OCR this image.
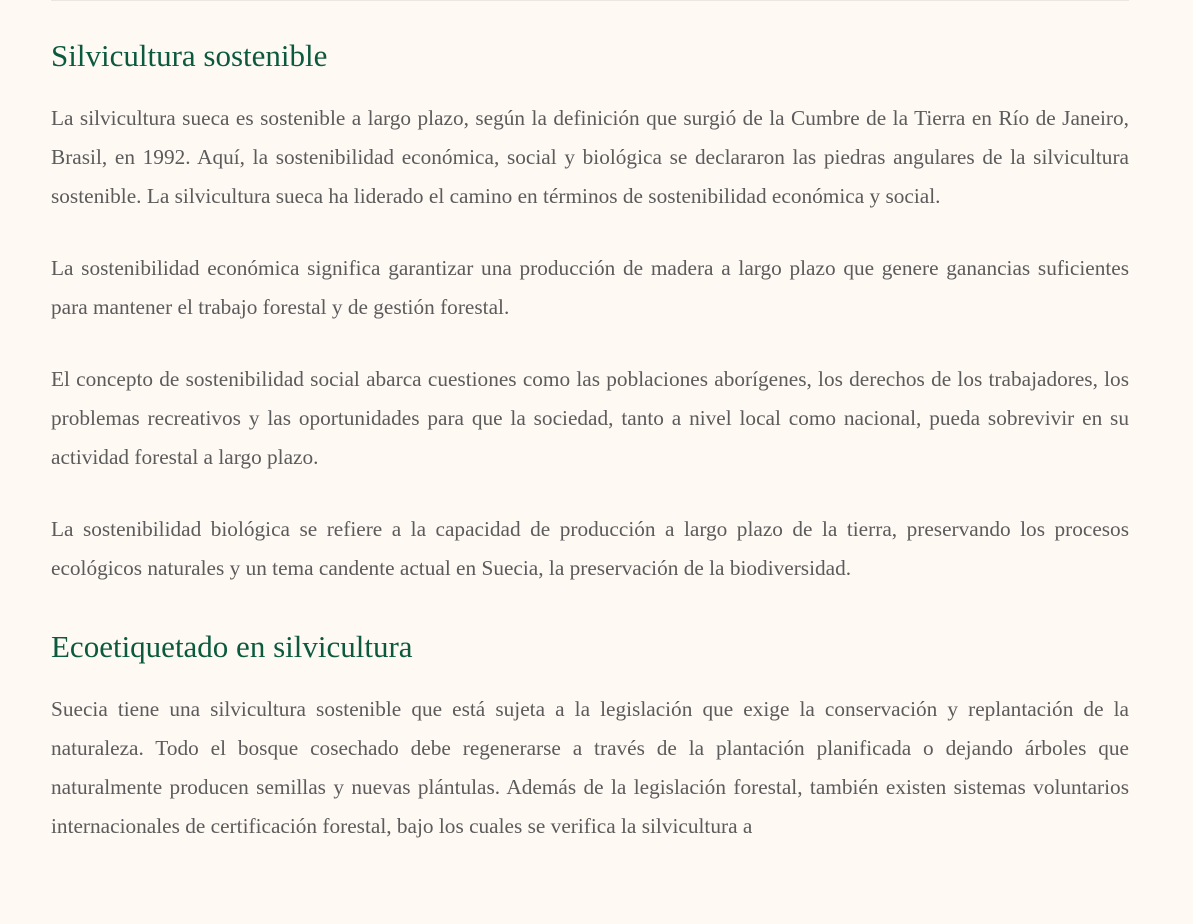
Silvicultura sostenible

La silvicultura sueca es sostenible a largo plazo, según la definición que surgió de la Cumbre de la Tierra en Río de Janeiro, Brasil, en 1992. Aquí, la sostenibilidad económica, social y biológica se declararon las piedras angulares de la silvicultura sostenible. La silvicultura sueca ha liderado el camino en términos de sostenibilidad económica y social.

La sostenibilidad económica significa garantizar una producción de madera a largo plazo que genere ganancias suficientes para mantener el trabajo forestal y de gestión forestal.

El concepto de sostenibilidad social abarca cuestiones como las poblaciones aborígenes, los derechos de los trabajadores, los problemas recreativos y las oportunidades para que la sociedad, tanto a nivel local como nacional, pueda sobrevivir en su actividad forestal a largo plazo.

La sostenibilidad biológica se refiere a la capacidad de producción a largo plazo de la tierra, preservando los procesos ecológicos naturales y un tema candente actual en Suecia, la preservación de la biodiversidad.

Ecoetiquetado en silvicultura

Suecia tiene una silvicultura sostenible que está sujeta a la legislación que exige la conservación y replantación de la naturaleza. Todo el bosque cosechado debe regenerarse a través de la plantación planificada o dejando árboles que naturalmente producen semillas y nuevas plántulas. Además de la legislación forestal, también existen sistemas voluntarios internacionales de certificación forestal, bajo los cuales se verifica la silvicultura a
